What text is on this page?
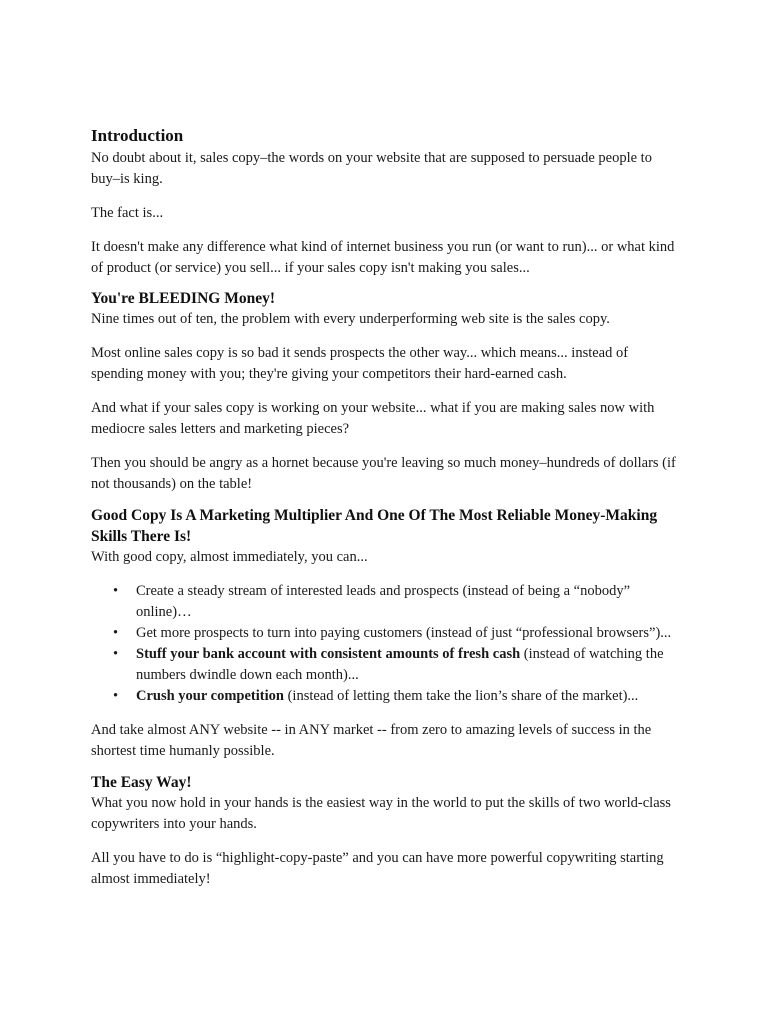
Introduction

No doubt about it, sales copy–the words on your website that are supposed to persuade people to buy–is king.

The fact is...

It doesn't make any difference what kind of internet business you run (or want to run)... or what kind of product (or service) you sell... if your sales copy isn't making you sales...

You're BLEEDING Money!

Nine times out of ten, the problem with every underperforming web site is the sales copy.

Most online sales copy is so bad it sends prospects the other way... which means... instead of spending money with you; they're giving your competitors their hard-earned cash.

And what if your sales copy is working on your website... what if you are making sales now with mediocre sales letters and marketing pieces?

Then you should be angry as a hornet because you're leaving so much money–hundreds of dollars (if not thousands) on the table!

Good Copy Is A Marketing Multiplier And One Of The Most Reliable Money-Making Skills There Is!

With good copy, almost immediately, you can...

• Create a steady stream of interested leads and prospects (instead of being a “nobody” online)…
• Get more prospects to turn into paying customers (instead of just “professional browsers”)...
• Stuff your bank account with consistent amounts of fresh cash (instead of watching the numbers dwindle down each month)...
• Crush your competition (instead of letting them take the lion’s share of the market)...

And take almost ANY website -- in ANY market -- from zero to amazing levels of success in the shortest time humanly possible.

The Easy Way!

What you now hold in your hands is the easiest way in the world to put the skills of two world-class copywriters into your hands.

All you have to do is “highlight-copy-paste” and you can have more powerful copywriting starting almost immediately!
